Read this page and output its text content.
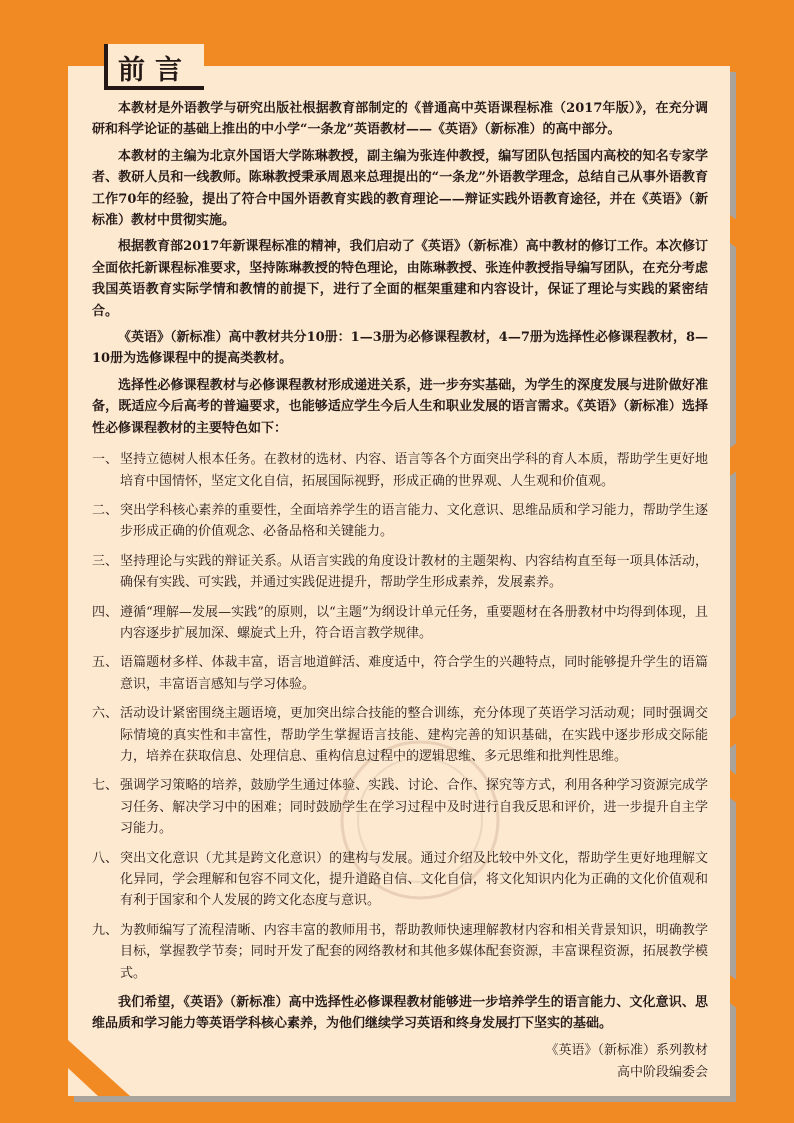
前言

本教材是外语教学与研究出版社根据教育部制定的《普通高中英语课程标准（2017年版）》，在充分调研和科学论证的基础上推出的中小学“一条龙”英语教材——《英语》（新标准）的高中部分。

本教材的主编为北京外国语大学陈琳教授，副主编为张连仲教授，编写团队包括国内高校的知名专家学者、教研人员和一线教师。陈琳教授秉承周恩来总理提出的“一条龙”外语教学理念，总结自己从事外语教育工作70年的经验，提出了符合中国外语教育实践的教育理论——辩证实践外语教育途径，并在《英语》（新标准）教材中贯彻实施。

根据教育部2017年新课程标准的精神，我们启动了《英语》（新标准）高中教材的修订工作。本次修订全面依托新课程标准要求，坚持陈琳教授的特色理论，由陈琳教授、张连仲教授指导编写团队，在充分考虑我国英语教育实际学情和教情的前提下，进行了全面的框架重建和内容设计，保证了理论与实践的紧密结合。

《英语》（新标准）高中教材共分10册：1—3册为必修课程教材，4—7册为选择性必修课程教材，8—10册为选修课程中的提高类教材。

选择性必修课程教材与必修课程教材形成递进关系，进一步夯实基础，为学生的深度发展与进阶做好准备，既适应今后高考的普遍要求，也能够适应学生今后人生和职业发展的语言需求。《英语》（新标准）选择性必修课程教材的主要特色如下：

一、 坚持立德树人根本任务。在教材的选材、内容、语言等各个方面突出学科的育人本质，帮助学生更好地培育中国情怀，坚定文化自信，拓展国际视野，形成正确的世界观、人生观和价值观。
二、 突出学科核心素养的重要性，全面培养学生的语言能力、文化意识、思维品质和学习能力，帮助学生逐步形成正确的价值观念、必备品格和关键能力。
三、 坚持理论与实践的辩证关系。从语言实践的角度设计教材的主题架构、内容结构直至每一项具体活动，确保有实践、可实践，并通过实践促进提升，帮助学生形成素养，发展素养。
四、 遵循“理解—发展—实践”的原则，以“主题”为纲设计单元任务，重要题材在各册教材中均得到体现，且内容逐步扩展加深、螺旋式上升，符合语言教学规律。
五、 语篇题材多样、体裁丰富，语言地道鲜活、难度适中，符合学生的兴趣特点，同时能够提升学生的语篇意识，丰富语言感知与学习体验。
六、 活动设计紧密围绕主题语境，更加突出综合技能的整合训练，充分体现了英语学习活动观；同时强调交际情境的真实性和丰富性，帮助学生掌握语言技能、建构完善的知识基础，在实践中逐步形成交际能力，培养在获取信息、处理信息、重构信息过程中的逻辑思维、多元思维和批判性思维。
七、 强调学习策略的培养，鼓励学生通过体验、实践、讨论、合作、探究等方式，利用各种学习资源完成学习任务、解决学习中的困难；同时鼓励学生在学习过程中及时进行自我反思和评价，进一步提升自主学习能力。
八、 突出文化意识（尤其是跨文化意识）的建构与发展。通过介绍及比较中外文化，帮助学生更好地理解文化异同，学会理解和包容不同文化，提升道路自信、文化自信，将文化知识内化为正确的文化价值观和有利于国家和个人发展的跨文化态度与意识。
九、 为教师编写了流程清晰、内容丰富的教师用书，帮助教师快速理解教材内容和相关背景知识，明确教学目标，掌握教学节奏；同时开发了配套的网络教材和其他多媒体配套资源，丰富课程资源，拓展教学模式。

我们希望，《英语》（新标准）高中选择性必修课程教材能够进一步培养学生的语言能力、文化意识、思维品质和学习能力等英语学科核心素养，为他们继续学习英语和终身发展打下坚实的基础。

《英语》（新标准）系列教材
高中阶段编委会
